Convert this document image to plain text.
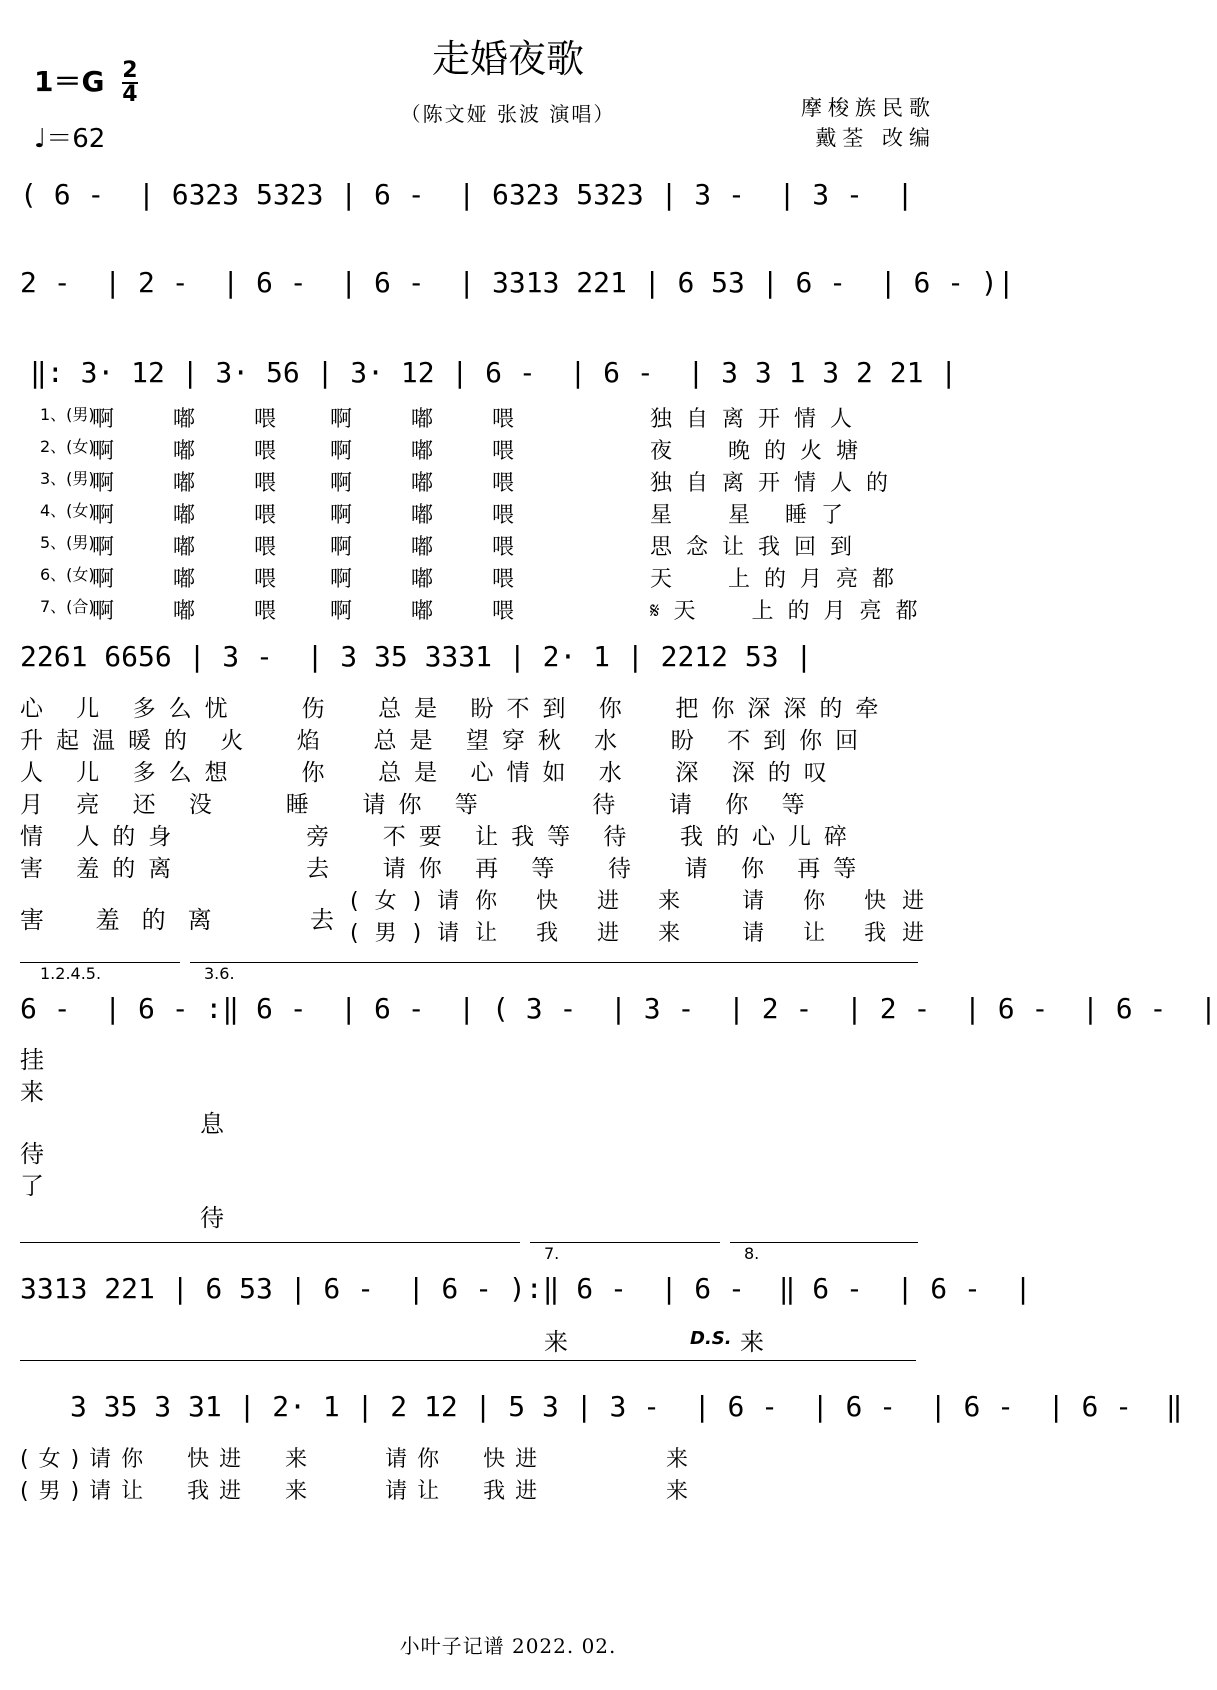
走婚夜歌
（陈文娅 张波 演唱）	摩梭族民歌
戴荃 改编
$1=G \frac{2}{4}$
♩＝62
( 6 -  | 6323 5323 | 6 -  | 6323 5323 | 3 -  | 3 -  |
2 -  | 2 -  | 6 -  | 6 -  | 3313 221 | 6 53 | 6 -  | 6 - )|
‖: 3· 12 | 3· 56 | 3· 12 | 6 -  | 6 -  | 3 3 1 3 2 21 |
1、(男)
啊 嘟 喂 啊 嘟 喂	独自离开情人
2、(女)
啊 嘟 喂 啊 嘟 喂	夜  晚的火塘
3、(男)
啊 嘟 喂 啊 嘟 喂	独自离开情人的
4、(女)
啊 嘟 喂 啊 嘟 喂	星  星 睡了
5、(男)
啊 嘟 喂 啊 嘟 喂	思念让我回到
6、(女)
啊 嘟 喂 啊 嘟 喂	天  上的月亮都
7、(合)
啊 嘟 喂 啊 嘟 喂	𝄋天  上的月亮都
2261 6656 | 3 -  | 3 35 3331 | 2· 1 | 2212 53 |
心 儿 多么忧   伤  总是 盼不到 你  把你深深的牵
升起温暖的 火  焰  总是 望穿秋 水  盼 不到你回
人 儿 多么想   你  总是 心情如 水  深 深的叹
月 亮 还 没   睡  请你 等     待  请 你 等
情 人的身      旁  不要 让我等 待  我的心儿碎
害 羞的离      去  请你 再 等  待  请 你 再等
害 羞的离	去
(女)请你 快 进 来  请 你 快进
(男)请让 我 进 来  请 让 我进
1.2.4.5.	3.6.
6 -  | 6 - :‖ 6 -  | 6 -  | ( 3 -  | 3 -  | 2 -  | 2 -  | 6 -  | 6 -  |
挂
来
息
待
了
待
7.	8.
3313 221 | 6 53 | 6 -  | 6 - ):‖ 6 -  | 6 -  ‖ 6 -  | 6 -  |
来	D.S. 来
3 35 3 31 | 2· 1 | 2 12 | 5 3 | 3 -  | 6 -  | 6 -  | 6 -  | 6 -  ‖
(女)请你  快进  来    请你  快进       来
(男)请让  我进  来    请让  我进       来
小叶子记谱 2022. 02.
